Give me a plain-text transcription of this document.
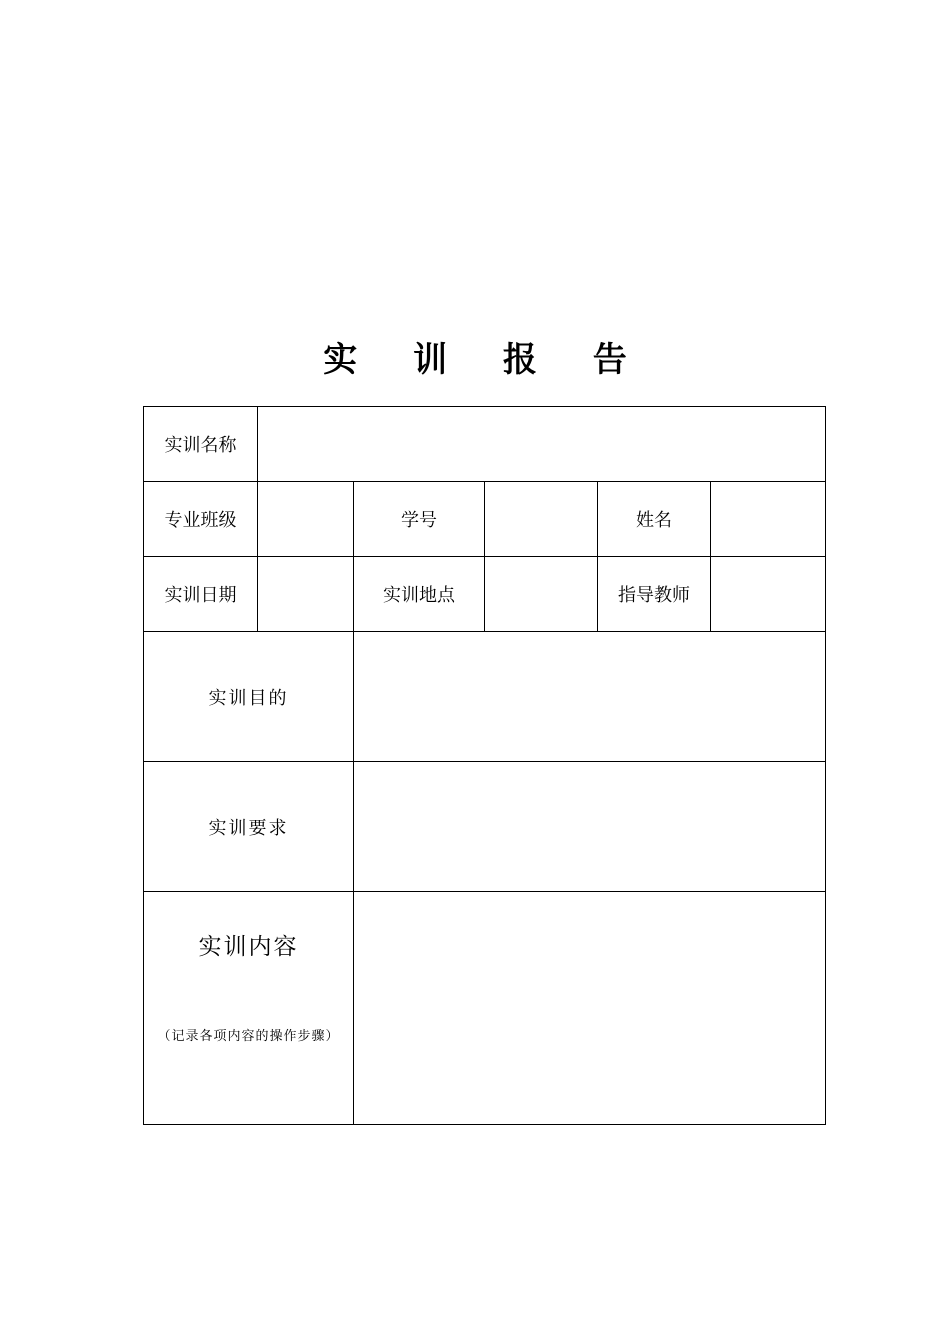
实 训 报 告
实训名称					
专业班级		学号		姓名	
实训日期		实训地点		指导教师	
实训目的					
实训要求					

实训内容
（记录各项内容的操作步骤）					
